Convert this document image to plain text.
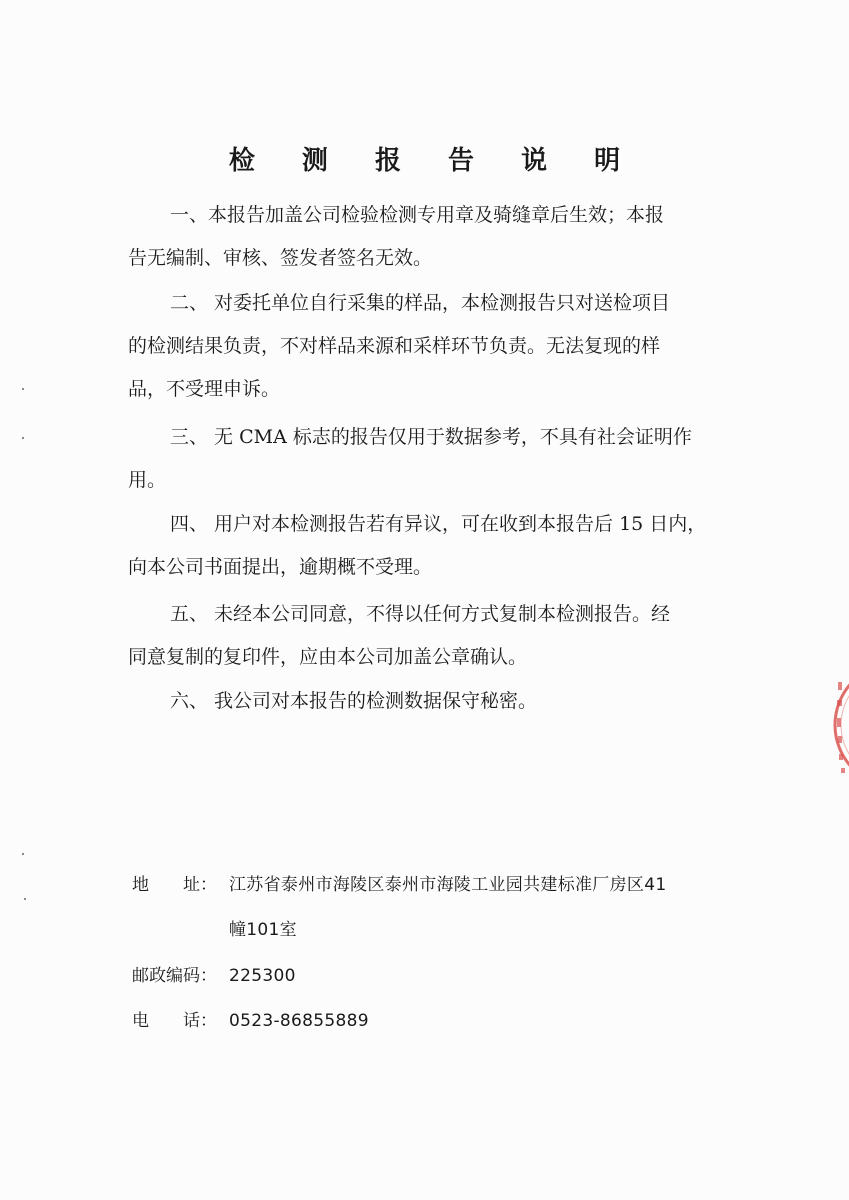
检 测 报 告 说 明
一、本报告加盖公司检验检测专用章及骑缝章后生效；本报
告无编制、审核、签发者签名无效。
二、 对委托单位自行采集的样品，本检测报告只对送检项目
的检测结果负责，不对样品来源和采样环节负责。无法复现的样
品，不受理申诉。
三、 无 CMA 标志的报告仅用于数据参考，不具有社会证明作
用。
四、 用户对本检测报告若有异议，可在收到本报告后 15 日内，
向本公司书面提出，逾期概不受理。
五、 未经本公司同意，不得以任何方式复制本检测报告。经
同意复制的复印件，应由本公司加盖公章确认。
六、 我公司对本报告的检测数据保守秘密。
地　　址： 江苏省泰州市海陵区泰州市海陵工业园共建标准厂房区41
幢101室
邮政编码： 225300
电　　话： 0523-86855889
